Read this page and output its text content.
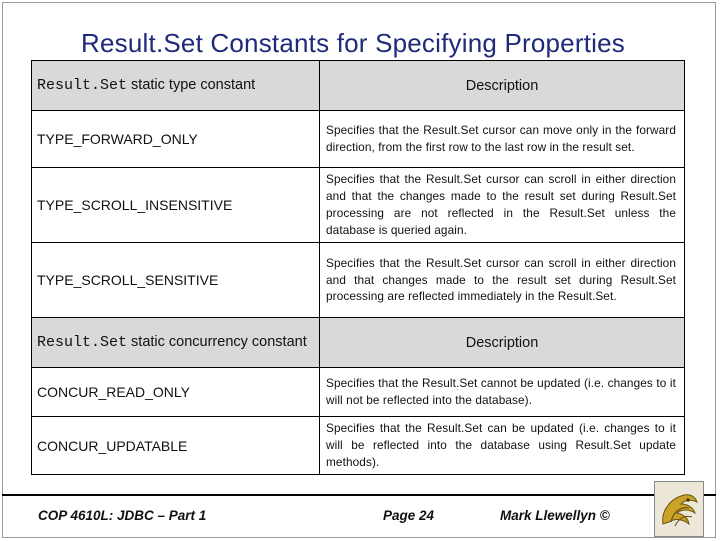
Result.Set Constants for Specifying Properties
Result.Set static type constant	Description
TYPE_FORWARD_ONLY	Specifies that the Result.Set cursor can move only in the forward direction, from the first row to the last row in the result set.
TYPE_SCROLL_INSENSITIVE	Specifies that the Result.Set cursor can scroll in either direction and that the changes made to the result set during Result.Set processing are not reflected in the Result.Set unless the database is queried again.
TYPE_SCROLL_SENSITIVE	Specifies that the Result.Set cursor can scroll in either direction and that changes made to the result set during Result.Set processing are reflected immediately in the Result.Set.
Result.Set static concurrency constant	Description
CONCUR_READ_ONLY	Specifies that the Result.Set cannot be updated (i.e. changes to it will not be reflected into the database).
CONCUR_UPDATABLE	Specifies that the Result.Set can be updated (i.e. changes to it will be reflected into the database using Result.Set update methods).
COP 4610L: JDBC – Part 1	Page 24	Mark Llewellyn ©
